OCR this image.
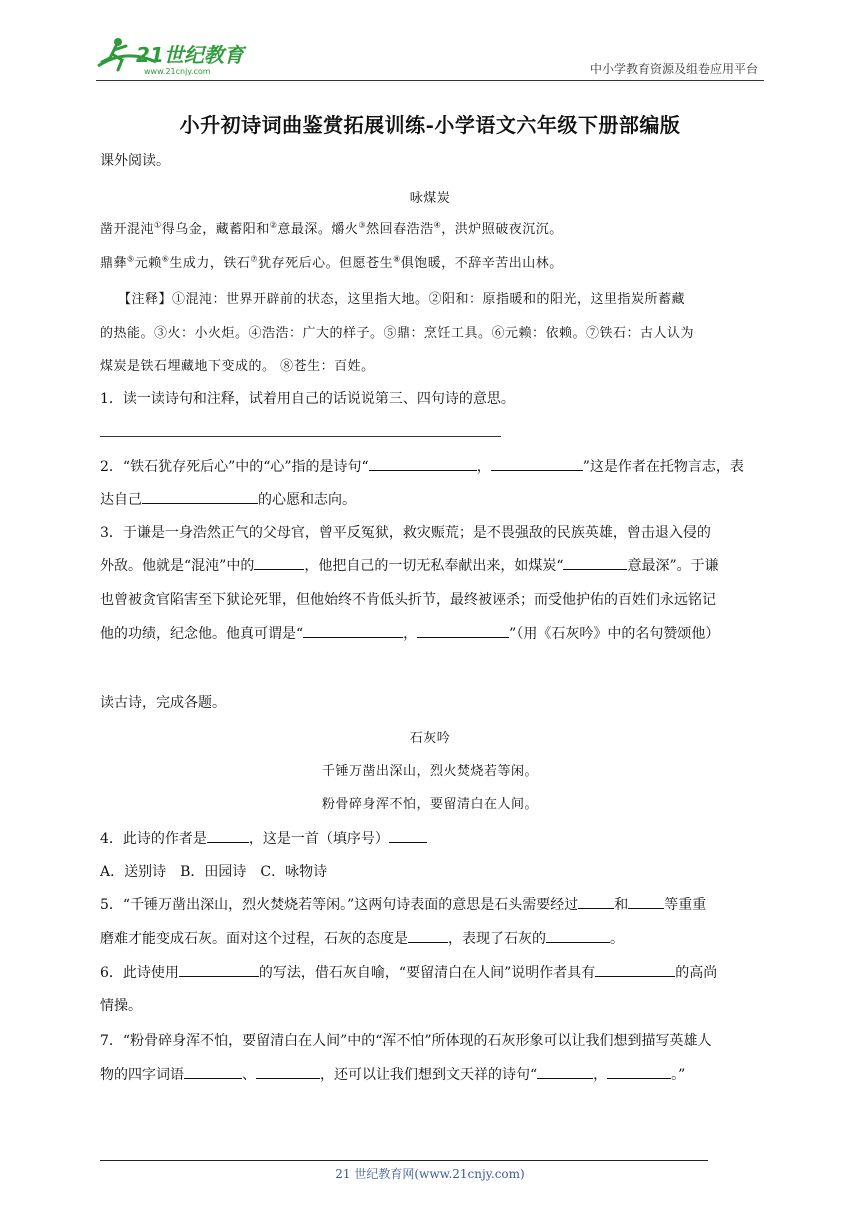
21世纪教育
www.21cnjy.com	中小学教育资源及组卷应用平台
小升初诗词曲鉴赏拓展训练-小学语文六年级下册部编版
课外阅读。
咏煤炭
凿开混沌①得乌金，藏蓄阳和②意最深。爝火③然回春浩浩④，洪炉照破夜沉沉。
鼎彝⑤元赖⑥生成力，铁石⑦犹存死后心。但愿苍生⑧俱饱暖，不辞辛苦出山林。
【注释】①混沌：世界开辟前的状态，这里指大地。②阳和：原指暖和的阳光，这里指炭所蓄藏
的热能。③火：小火炬。④浩浩：广大的样子。⑤鼎：烹饪工具。⑥元赖：依赖。⑦铁石：古人认为
煤炭是铁石埋藏地下变成的。 ⑧苍生：百姓。
1．读一读诗句和注释，试着用自己的话说说第三、四句诗的意思。
2．“铁石犹存死后心”中的“心”指的是诗句“	，	”这是作者在托物言志，表
达自己	的心愿和志向。
3．于谦是一身浩然正气的父母官，曾平反冤狱，救灾赈荒；是不畏强敌的民族英雄，曾击退入侵的
外敌。他就是“混沌”中的	，他把自己的一切无私奉献出来，如煤炭“	意最深”。于谦
也曾被贪官陷害至下狱论死罪，但他始终不肯低头折节，最终被诬杀；而受他护佑的百姓们永远铭记
他的功绩，纪念他。他真可谓是“	，	”（用《石灰吟》中的名句赞颂他）
读古诗，完成各题。
石灰吟
千锤万凿出深山，烈火焚烧若等闲。
粉骨碎身浑不怕，要留清白在人间。
4．此诗的作者是	，这是一首（填序号）
A．送别诗　B．田园诗　C．咏物诗
5．“千锤万凿出深山，烈火焚烧若等闲。”这两句诗表面的意思是石头需要经过	和	等重重
磨难才能变成石灰。面对这个过程，石灰的态度是	，表现了石灰的	。
6．此诗使用	的写法，借石灰自喻，“要留清白在人间”说明作者具有	的高尚
情操。
7．“粉骨碎身浑不怕，要留清白在人间”中的“浑不怕”所体现的石灰形象可以让我们想到描写英雄人
物的四字词语	、	，还可以让我们想到文天祥的诗句“	，	。”
21 世纪教育网(www.21cnjy.com)
